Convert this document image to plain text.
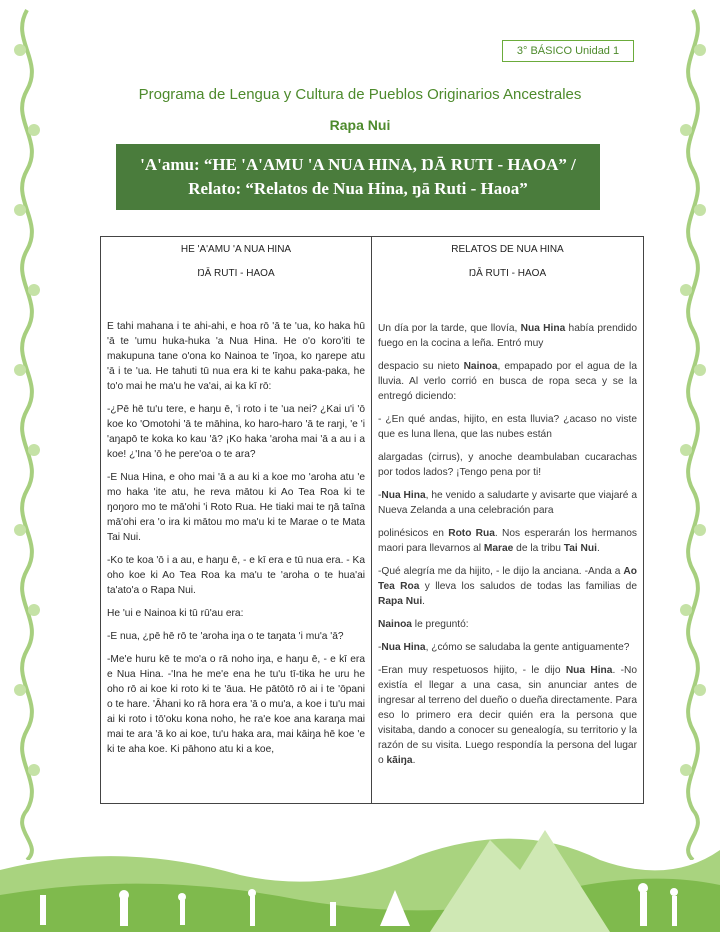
3° BÁSICO Unidad 1
Programa de Lengua y Cultura de Pueblos Originarios Ancestrales
Rapa Nui
'A'amu: “HE 'A'AMU 'A NUA HINA, ŊĀ RUTI - HAOA” /
Relato: “Relatos de Nua Hina, ŋā Ruti - Haoa”
HE 'A'AMU 'A NUA HINA
ŊĀ RUTI - HAOA

E tahi mahana i te ahi-ahi, e hoa rō 'ā te 'ua, ko haka hū 'ā te 'umu huka-huka 'a Nua Hina. He o'o koro'iti te makupuna tane o'ona ko Nainoa te 'īŋoa, ko ŋarepe atu 'ā i te 'ua. He tahuti tū nua era ki te kahu paka-paka, he to'o mai he ma'u he va'ai, ai ka kī rō:

-¿Pē hē tu'u tere, e haŋu ē, 'i roto i te 'ua nei? ¿Kai u'i 'ō koe ko 'Omotohi 'ā te māhina, ko haro-haro 'ā te raŋi, 'e 'i 'aŋapō te koka ko kau 'ā? ¡Ko haka 'aroha mai 'ā a au i a koe! ¿'Ina 'ō he pere'oa o te ara?

-E Nua Hina, e oho mai 'ā a au ki a koe mo 'aroha atu 'e mo haka 'ite atu, he reva mātou ki Ao Tea Roa ki te ŋoŋoro mo te mā'ohi 'i Roto Rua. He tiaki mai te ŋā taīna mā'ohi era 'o ira ki mātou mo ma'u ki te Marae o te Mata Tai Nui.

-Ko te koa 'ō i a au, e haŋu ē, - e kī era e tū nua era. - Ka oho koe ki Ao Tea Roa ka ma'u te 'aroha o te hua'ai ta'ato'a o Rapa Nui.

He 'ui e Nainoa ki tū rū'au era:

-E nua, ¿pē hē rō te 'aroha iŋa o te taŋata 'i mu'a 'ā?

-Me'e huru kē te mo'a o rā noho iŋa, e haŋu ē, - e kī era e Nua Hina. -'Ina he me'e ena he tu'u tī-tika he uru he oho rō ai koe ki roto ki te 'āua. He pātōtō rō ai i te 'ōpani o te hare. 'Āhani ko rā hora era 'ā o mu'a, a koe i tu'u mai ai ki roto i tō'oku kona noho, he ra'e koe ana karaŋa mai mai te ara 'ā ko ai koe, tu'u haka ara, mai kāiŋa hē koe 'e ki te aha koe. Ki pāhono atu ki a koe,

RELATOS DE NUA HINA
ŊĀ RUTI - HAOA

Un día por la tarde, que llovía, Nua Hina había prendido fuego en la cocina a leña. Entró muy

despacio su nieto Nainoa, empapado por el agua de la lluvia. Al verlo corrió en busca de ropa seca y se la entregó diciendo:

- ¿En qué andas, hijito, en esta lluvia? ¿acaso no viste que es luna llena, que las nubes están

alargadas (cirrus), y anoche deambulaban cucarachas por todos lados? ¡Tengo pena por ti!

-Nua Hina, he venido a saludarte y avisarte que viajaré a Nueva Zelanda a una celebración para

polinésicos en Roto Rua. Nos esperarán los hermanos maori para llevarnos al Marae de la tribu Tai Nui.

-Qué alegría me da hijito, - le dijo la anciana. -Anda a Ao Tea Roa y lleva los saludos de todas las familias de Rapa Nui.

Nainoa le preguntó:

-Nua Hina, ¿cómo se saludaba la gente antiguamente?

-Eran muy respetuosos hijito, - le dijo Nua Hina. -No existía el llegar a una casa, sin anunciar antes de ingresar al terreno del dueño o dueña directamente. Para eso lo primero era decir quién era la persona que visitaba, dando a conocer su genealogía, su territorio y la razón de su visita. Luego respondía la persona del lugar o kāiŋa.
